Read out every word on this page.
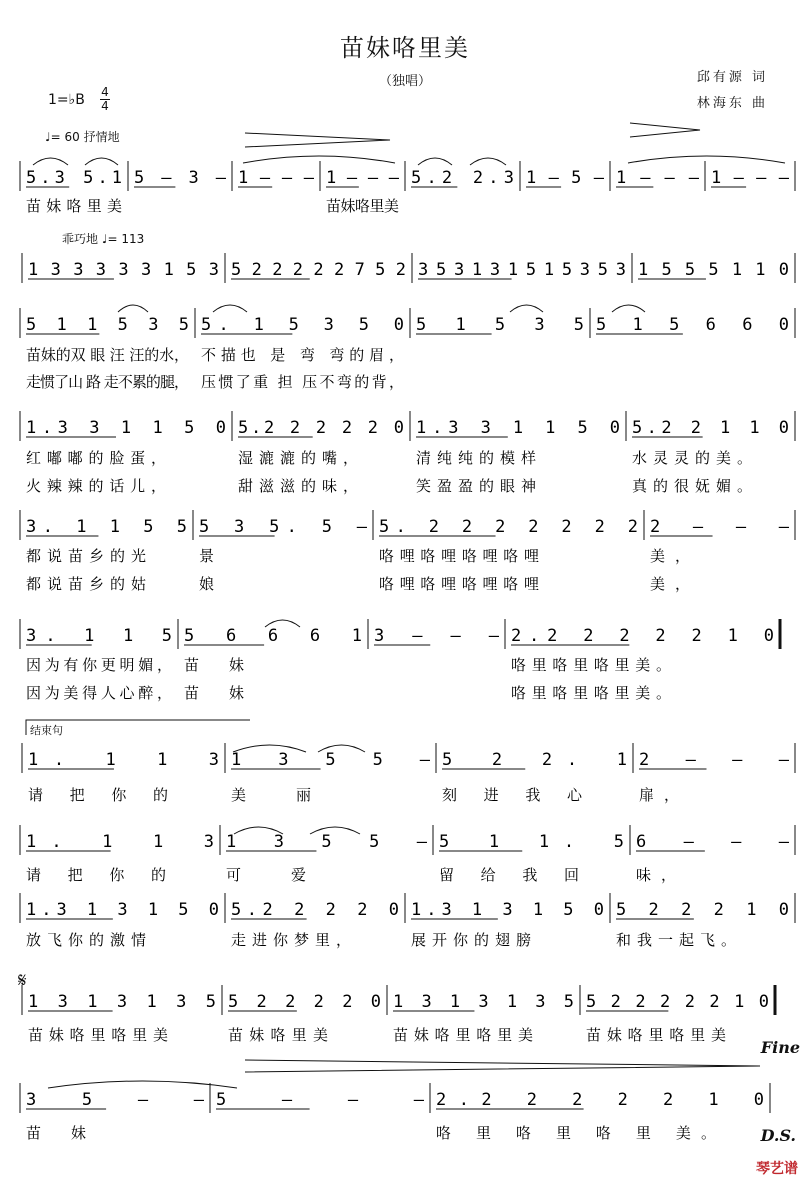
苗妹咯里美
（独唱）	邱有源 词
林海东 曲
1=♭B 4
4
♩= 60 抒情地
乖巧地 ♩= 113
结束句
Fine
D.S.
𝄋
琴艺谱
5.3 5.1 5 – 3 – 1 – – – 1 – – – 5.2 2.3 1 – 5 – 1 – – – 1 – – –
苗 妹 咯 里 美	苗 妹 咯 里 美
1 3 3 3 3 3 1 5 3 5 2 2 2 2 2 7 5 2 3 5 3 1 3 1 5 1 5 3 5 3 1 5 5 5 1 1 0
5 1 1 5 3 5 5. 1 5 3 5 0 5 1 5 3 5 5 1 5 6 6 0
苗妹的双 眼 汪 汪的水， 不描也 是 弯 弯的眉，
走惯了山 路 走不累的腿， 压惯了重 担 压不弯的背，
1.3 3 1 1 5 0 5.2 2 2 2 2 0 1.3 3 1 1 5 0 5.2 2 1 1 0
红嘟嘟的脸蛋，	湿漉漉的嘴，	清纯纯的模样	水灵灵的美。
火辣辣的话儿，	甜滋滋的味，	笑盈盈的眼神	真的很妩媚。
3. 1 1 5 5 5 3 5. 5 – 5. 2 2 2 2 2 2 2 2 – – –
都说苗乡的光	景	咯哩咯哩咯哩咯哩	美，
都说苗乡的姑	娘	咯哩咯哩咯哩咯哩	美，
3. 1 1 5 5 6 6 6 1 3 – – – 2.2 2 2 2 2 1 0
因为有你更明媚， 苗 妹	咯里咯里咯里美。
因为美得人心醉， 苗 妹	咯里咯里咯里美。
1. 1 1 3 1 3 5 5 – 5 2 2. 1 2 – – –
请 把 你 的	美 丽	刻 进 我 心	扉，
1. 1 1 3 1 3 5 5 – 5 1 1. 5 6 – – –
请 把 你 的	可 爱	留 给 我 回	味，
1.3 1 3 1 5 0 5.2 2 2 2 0 1.3 1 3 1 5 0 5 2 2 2 1 0
放飞你的激情	走进你梦里，	展开你的翅膀	和我一起飞。
1 3 1 3 1 3 5 5 2 2 2 2 0 1 3 1 3 1 3 5 5 2 2 2 2 2 1 0
苗妹咯里咯里美	苗妹咯里美	苗妹咯里咯里美	苗妹咯里咯里美
3 5 – – 5 – – – 2.2 2 2 2 2 1 0
苗 妹	咯 里 咯 里 咯 里 美。
